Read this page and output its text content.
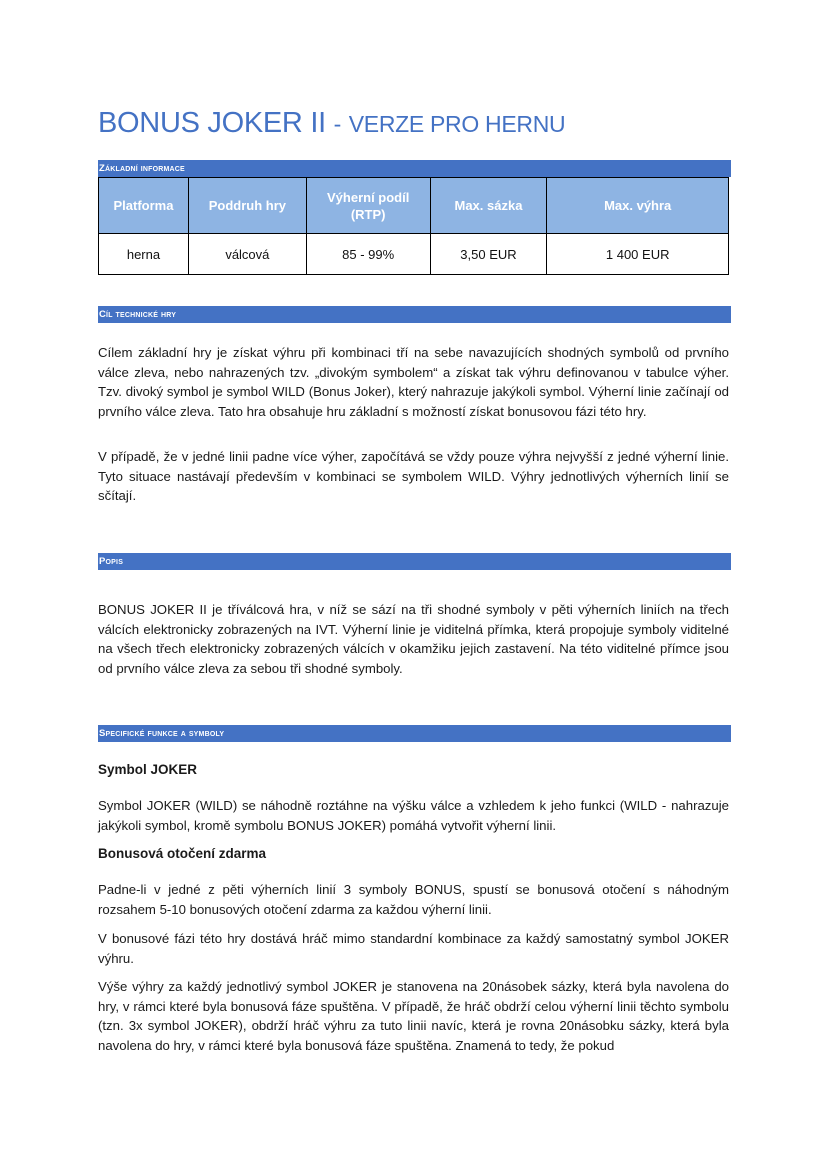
BONUS JOKER II - VERZE PRO HERNU
Základní informace
Platforma	Poddruh hry	Výherní podíl (RTP)	Max. sázka	Max. výhra
herna	válcová	85 - 99%	3,50 EUR	1 400 EUR
Cíl technické hry

Cílem základní hry je získat výhru při kombinaci tří na sebe navazujících shodných symbolů od prvního válce zleva, nebo nahrazených tzv. „divokým symbolem“ a získat tak výhru definovanou v tabulce výher. Tzv. divoký symbol je symbol WILD (Bonus Joker), který nahrazuje jakýkoli symbol. Výherní linie začínají od prvního válce zleva. Tato hra obsahuje hru základní s možností získat bonusovou fázi této hry.

V případě, že v jedné linii padne více výher, započítává se vždy pouze výhra nejvyšší z jedné výherní linie. Tyto situace nastávají především v kombinaci se symbolem WILD. Výhry jednotlivých výherních linií se sčítají.

Popis

BONUS JOKER II je tříválcová hra, v níž se sází na tři shodné symboly v pěti výherních liniích na třech válcích elektronicky zobrazených na IVT. Výherní linie je viditelná přímka, která propojuje symboly viditelné na všech třech elektronicky zobrazených válcích v okamžiku jejich zastavení. Na této viditelné přímce jsou od prvního válce zleva za sebou tři shodné symboly.

Specifické funkce a symboly

Symbol JOKER

Symbol JOKER (WILD) se náhodně roztáhne na výšku válce a vzhledem k jeho funkci (WILD - nahrazuje jakýkoli symbol, kromě symbolu BONUS JOKER) pomáhá vytvořit výherní linii.

Bonusová otočení zdarma

Padne-li v jedné z pěti výherních linií 3 symboly BONUS, spustí se bonusová otočení s náhodným rozsahem 5-10 bonusových otočení zdarma za každou výherní linii.

V bonusové fázi této hry dostává hráč mimo standardní kombinace za každý samostatný symbol JOKER výhru.

Výše výhry za každý jednotlivý symbol JOKER je stanovena na 20násobek sázky, která byla navolena do hry, v rámci které byla bonusová fáze spuštěna. V případě, že hráč obdrží celou výherní linii těchto symbolu (tzn. 3x symbol JOKER), obdrží hráč výhru za tuto linii navíc, která je rovna 20násobku sázky, která byla navolena do hry, v rámci které byla bonusová fáze spuštěna. Znamená to tedy, že pokud
